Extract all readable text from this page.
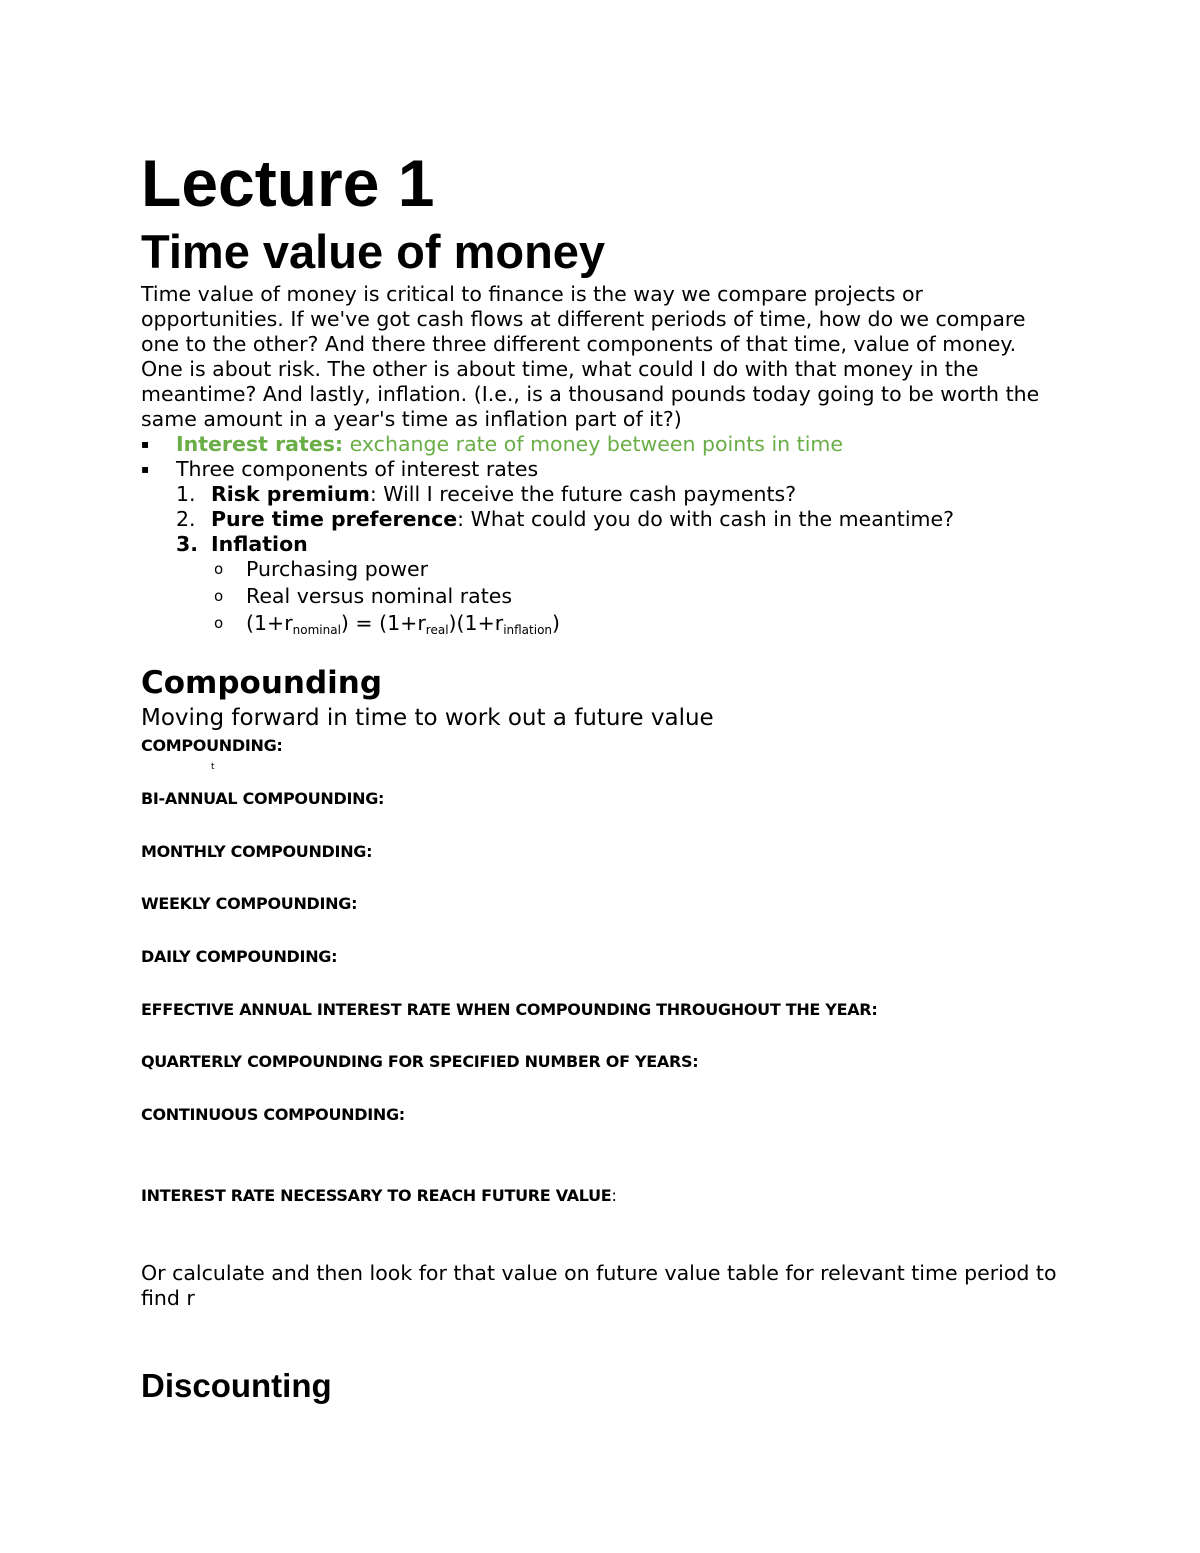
Lecture 1
Time value of money

Time value of money is critical to finance is the way we compare projects or opportunities. If we've got cash flows at different periods of time, how do we compare one to the other? And there three different components of that time, value of money. One is about risk. The other is about time, what could I do with that money in the meantime? And lastly, inflation. (I.e., is a thousand pounds today going to be worth the same amount in a year's time as inflation part of it?)

▪ Interest rates: exchange rate of money between points in time
▪ Three components of interest rates
1. Risk premium: Will I receive the future cash payments?
2. Pure time preference: What could you do with cash in the meantime?
3. Inflation
o Purchasing power
o Real versus nominal rates
o $(1+r_{nominal}) = (1+r_{real})(1+r_{inflation})$
Compounding
Moving forward in time to work out a future value
COMPOUNDING:
t
BI-ANNUAL COMPOUNDING:
MONTHLY COMPOUNDING:
WEEKLY COMPOUNDING:
DAILY COMPOUNDING:
EFFECTIVE ANNUAL INTEREST RATE WHEN COMPOUNDING THROUGHOUT THE YEAR:
QUARTERLY COMPOUNDING FOR SPECIFIED NUMBER OF YEARS:
CONTINUOUS COMPOUNDING:
INTEREST RATE NECESSARY TO REACH FUTURE VALUE:

Or calculate and then look for that value on future value table for relevant time period to find r

Discounting
